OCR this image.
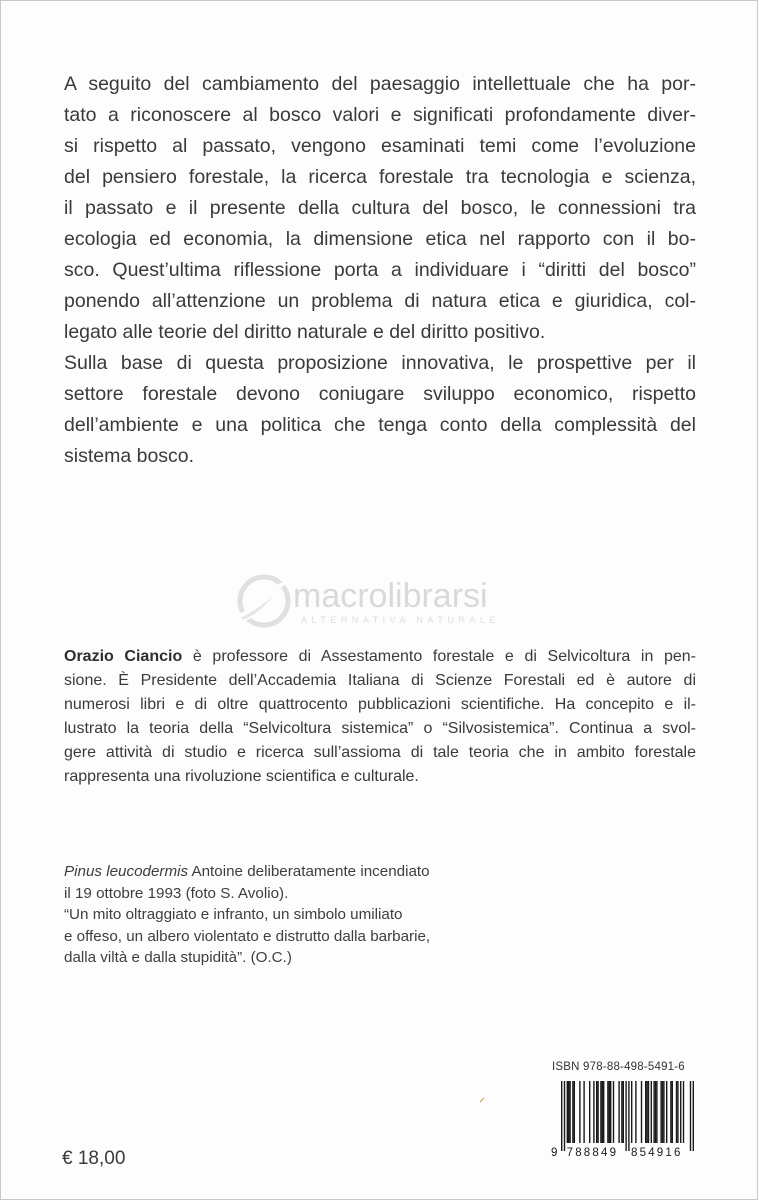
A seguito del cambiamento del paesaggio intellettuale che ha por-
tato a riconoscere al bosco valori e significati profondamente diver-
si rispetto al passato, vengono esaminati temi come l’evoluzione
del pensiero forestale, la ricerca forestale tra tecnologia e scienza,
il passato e il presente della cultura del bosco, le connessioni tra
ecologia ed economia, la dimensione etica nel rapporto con il bo-
sco. Quest’ultima riflessione porta a individuare i “diritti del bosco”
ponendo all’attenzione un problema di natura etica e giuridica, col-
legato alle teorie del diritto naturale e del diritto positivo.

Sulla base di questa proposizione innovativa, le prospettive per il
settore forestale devono coniugare sviluppo economico, rispetto
dell’ambiente e una politica che tenga conto della complessità del
sistema bosco.

macrolibrarsi
ALTERNATIVA NATURALE

Orazio Ciancio è professore di Assestamento forestale e di Selvicoltura in pen-
sione. È Presidente dell’Accademia Italiana di Scienze Forestali ed è autore di
numerosi libri e di oltre quattrocento pubblicazioni scientifiche. Ha concepito e il-
lustrato la teoria della “Selvicoltura sistemica” o “Silvosistemica”. Continua a svol-
gere attività di studio e ricerca sull’assioma di tale teoria che in ambito forestale
rappresenta una rivoluzione scientifica e culturale.

Pinus leucodermis Antoine deliberatamente incendiato
il 19 ottobre 1993 (foto S. Avolio).
“Un mito oltraggiato e infranto, un simbolo umiliato
e offeso, un albero violentato e distrutto dalla barbarie,
dalla viltà e dalla stupidità”. (O.C.)
ISBN 978-88-498-5491-6
9 788849 854916
€ 18,00
